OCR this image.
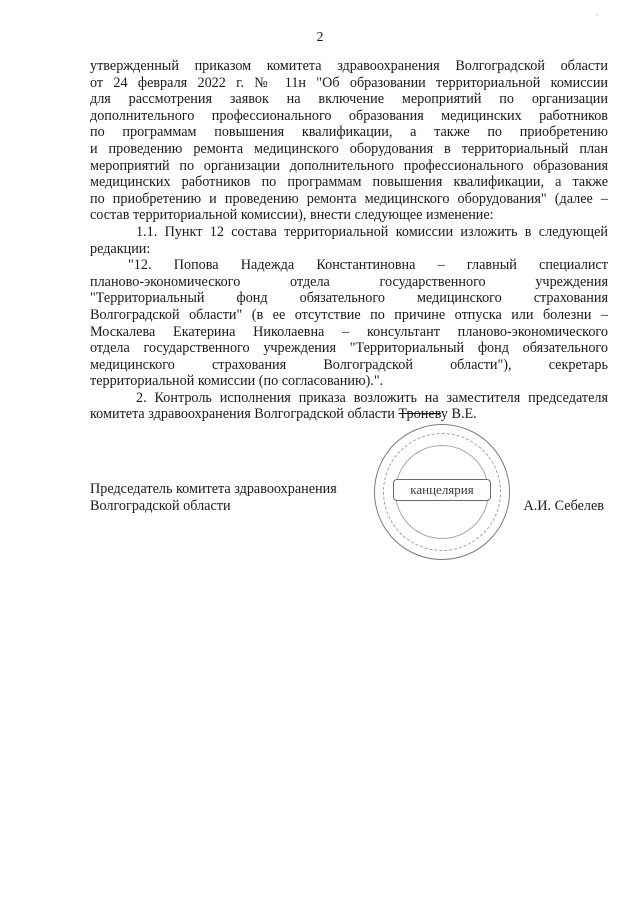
2
·

утвержденный приказом комитета здравоохранения Волгоградской области

от 24 февраля 2022 г. № 11н "Об образовании территориальной комиссии

для рассмотрения заявок на включение мероприятий по организации

дополнительного профессионального образования медицинских работников

по программам повышения квалификации, а также по приобретению

и проведению ремонта медицинского оборудования в территориальный план

мероприятий по организации дополнительного профессионального образования

медицинских работников по программам повышения квалификации, а также

по приобретению и проведению ремонта медицинского оборудования" (далее –

состав территориальной комиссии), внести следующее изменение:

1.1. Пункт 12 состава территориальной комиссии изложить в следующей

редакции:

"12. Попова Надежда Константиновна – главный специалист

планово-экономического отдела государственного учреждения

"Территориальный фонд обязательного медицинского страхования

Волгоградской области" (в ее отсутствие по причине отпуска или болезни –

Москалева Екатерина Николаевна – консультант планово-экономического

отдела государственного учреждения "Территориальный фонд обязательного

медицинского страхования Волгоградской области"), секретарь

территориальной комиссии (по согласованию).".

2. Контроль исполнения приказа возложить на заместителя председателя

комитета здравоохранения Волгоградской области Троневу В.Е.

канцелярия
Председатель комитета здравоохранения
Волгоградской области	А.И. Себелев
